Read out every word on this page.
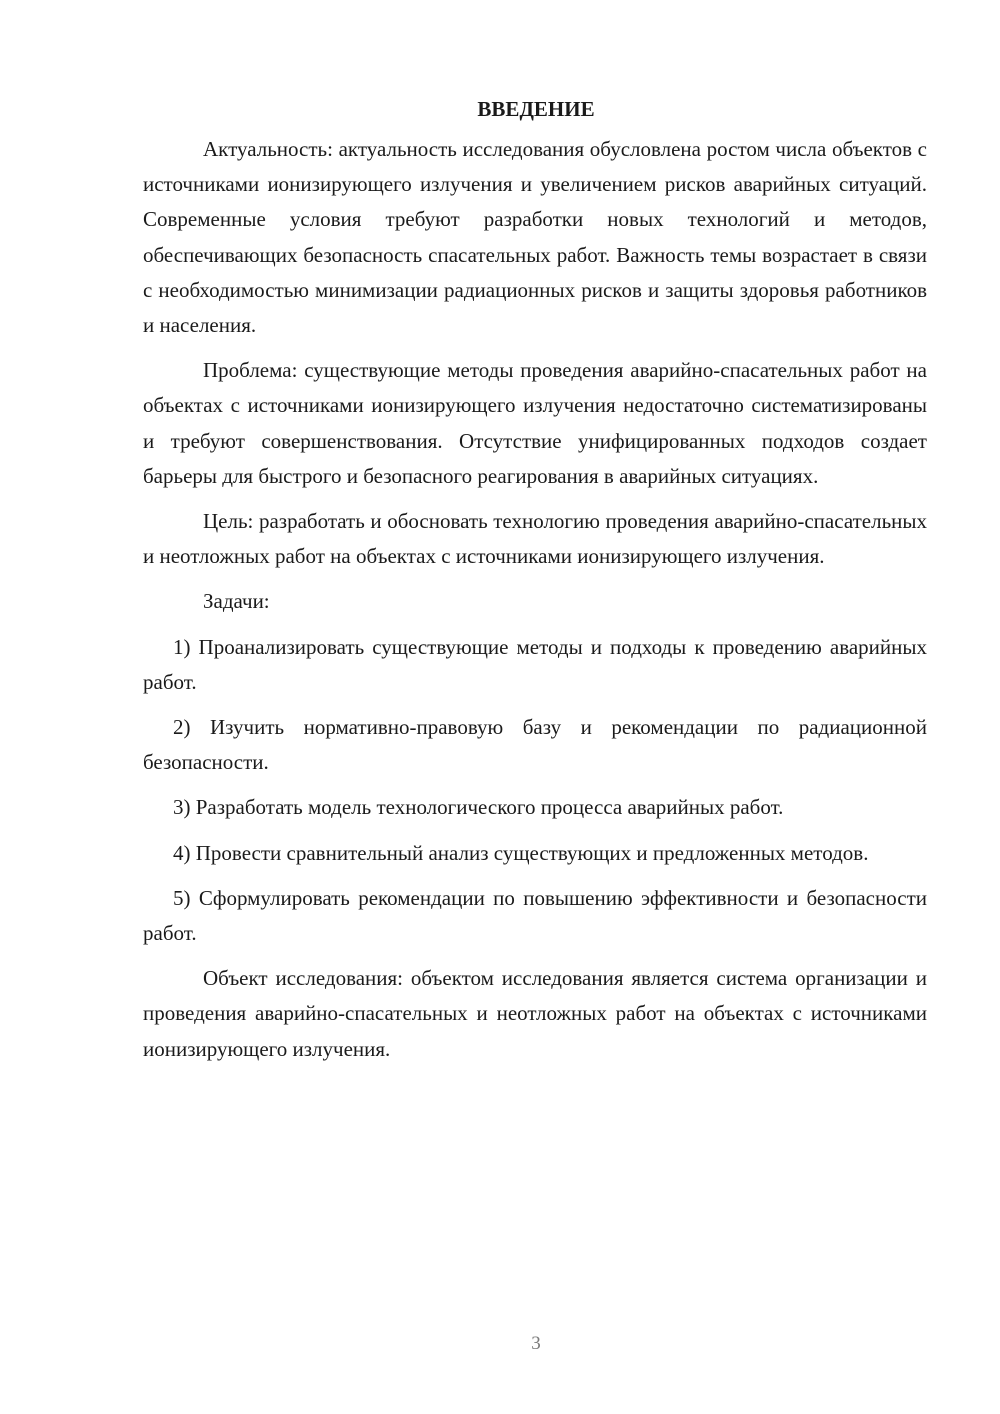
ВВЕДЕНИЕ

Актуальность: актуальность исследования обусловлена ростом числа объектов с источниками ионизирующего излучения и увеличением рисков аварийных ситуаций. Современные условия требуют разработки новых технологий и методов, обеспечивающих безопасность спасательных работ. Важность темы возрастает в связи с необходимостью минимизации радиационных рисков и защиты здоровья работников и населения.

Проблема: существующие методы проведения аварийно-спасательных работ на объектах с источниками ионизирующего излучения недостаточно систематизированы и требуют совершенствования. Отсутствие унифицированных подходов создает барьеры для быстрого и безопасного реагирования в аварийных ситуациях.

Цель: разработать и обосновать технологию проведения аварийно-спасательных и неотложных работ на объектах с источниками ионизирующего излучения.

Задачи:

1) Проанализировать существующие методы и подходы к проведению аварийных работ.

2) Изучить нормативно-правовую базу и рекомендации по радиационной безопасности.

3) Разработать модель технологического процесса аварийных работ.

4) Провести сравнительный анализ существующих и предложенных методов.

5) Сформулировать рекомендации по повышению эффективности и безопасности работ.

Объект исследования: объектом исследования является система организации и проведения аварийно-спасательных и неотложных работ на объектах с источниками ионизирующего излучения.

3
